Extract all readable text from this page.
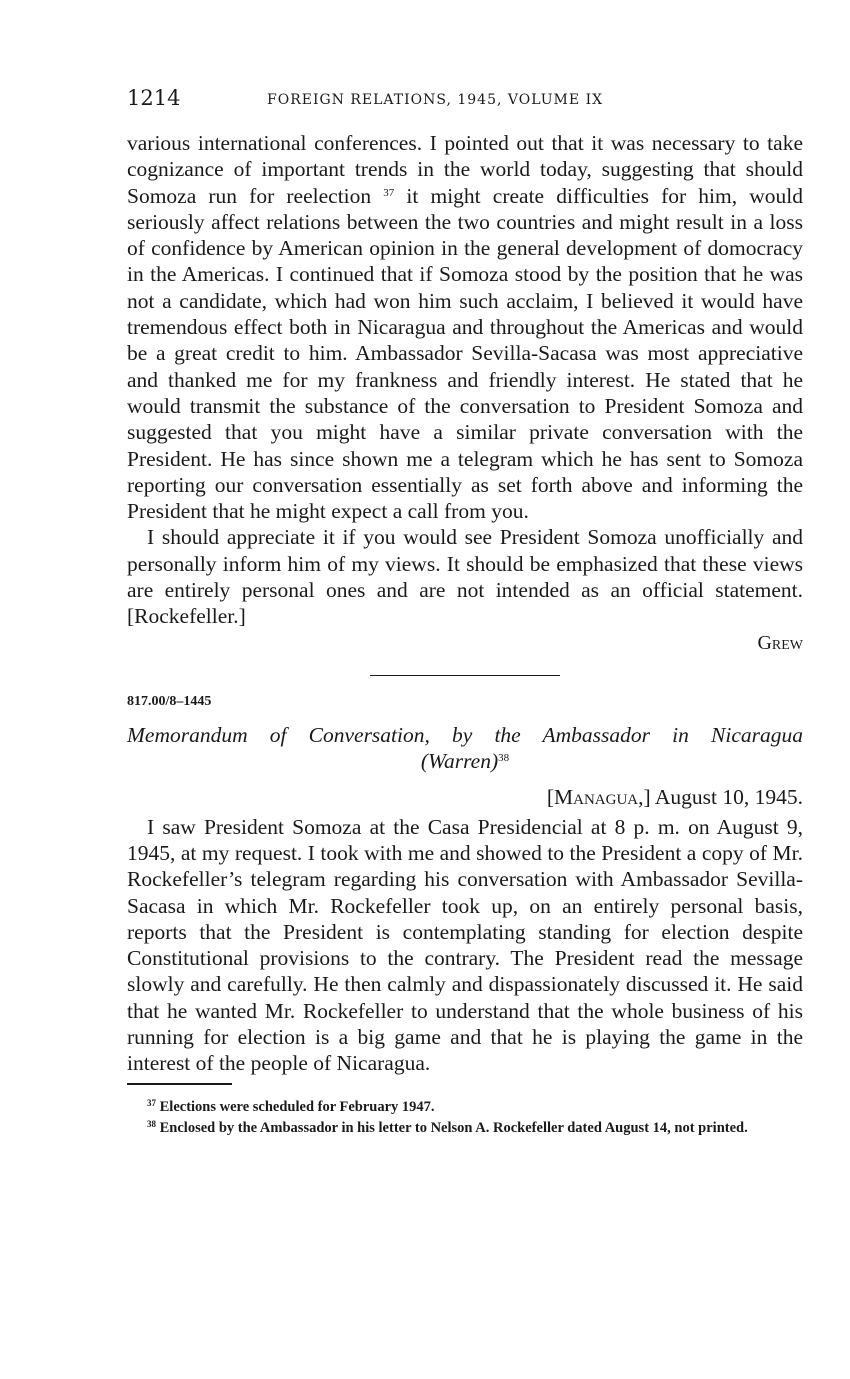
1214	FOREIGN RELATIONS, 1945, VOLUME IX

various international conferences. I pointed out that it was necessary to take cognizance of important trends in the world today, suggesting that should Somoza run for reelection $^{37}$ it might create difficulties for him, would seriously affect relations between the two countries and might result in a loss of confidence by American opinion in the general development of domocracy in the Americas. I continued that if Somoza stood by the position that he was not a candidate, which had won him such acclaim, I believed it would have tremendous effect both in Nicaragua and throughout the Americas and would be a great credit to him. Ambassador Sevilla-Sacasa was most appreciative and thanked me for my frankness and friendly interest. He stated that he would transmit the substance of the conversation to President Somoza and suggested that you might have a similar private conversation with the President. He has since shown me a telegram which he has sent to Somoza reporting our conversation essentially as set forth above and informing the President that he might expect a call from you.

I should appreciate it if you would see President Somoza unofficially and personally inform him of my views. It should be emphasized that these views are entirely personal ones and are not intended as an official statement. [Rockefeller.]

Grew
817.00/8–1445
Memorandum of Conversation, by the Ambassador in Nicaragua
(Warren)$^{38}$
[Managua,] August 10, 1945.

I saw President Somoza at the Casa Presidencial at 8 p. m. on August 9, 1945, at my request. I took with me and showed to the President a copy of Mr. Rockefeller’s telegram regarding his conversation with Ambassador Sevilla-Sacasa in which Mr. Rockefeller took up, on an entirely personal basis, reports that the President is contemplating standing for election despite Constitutional provisions to the contrary. The President read the message slowly and carefully. He then calmly and dispassionately discussed it. He said that he wanted Mr. Rockefeller to understand that the whole business of his running for election is a big game and that he is playing the game in the interest of the people of Nicaragua.

$^{37}$ Elections were scheduled for February 1947.

$^{38}$ Enclosed by the Ambassador in his letter to Nelson A. Rockefeller dated August 14, not printed.
